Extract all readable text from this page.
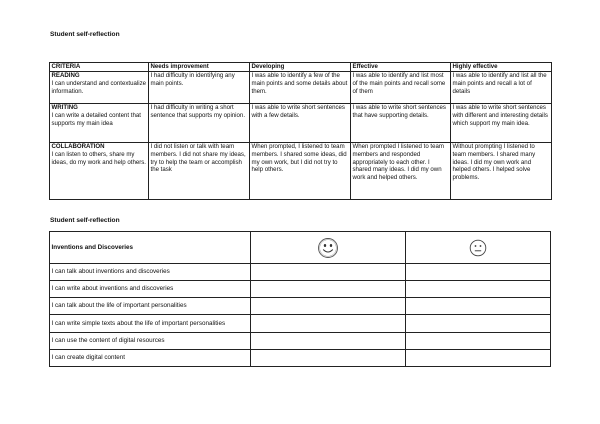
Student self-reflection
CRITERIA	Needs improvement	Developing	Effective	Highly effective

READING
I can understand and contextualize information.	I had difficulty in identifying any main points.	I was able to identify a few of the main points and some details about them.	I was able to identify and list most of the main points and recall some of them	I was able to identify and list all the main points and recall a lot of details

WRITING
I can write a detailed content that supports my main idea	I had difficulty in writing a short sentence that supports my opinion.	I was able to write short sentences with a few details.	I was able to write short sentences that have supporting details.	I was able to write short sentences with different and interesting details which support my main idea.

COLLABORATION
I can listen to others, share my ideas, do my work and help others.	I did not listen or talk with team members. I did not share my ideas, try to help the team or accomplish the task	When prompted, I listened to team members. I shared some ideas, did my own work, but I did not try to help others.	When prompted I listened to team members and responded appropriately to each other. I shared many ideas. I did my own work and helped others.	Without prompting I listened to team members. I shared many ideas. I did my own work and helped others. I helped solve problems.
Student self-reflection
Inventions and Discoveries	

I can talk about inventions and discoveries		
I can write about inventions and discoveries		
I can talk about the life of important personalities		
I can write simple texts about the life of important personalities		
I can use the content of digital resources		
I can create digital content		
